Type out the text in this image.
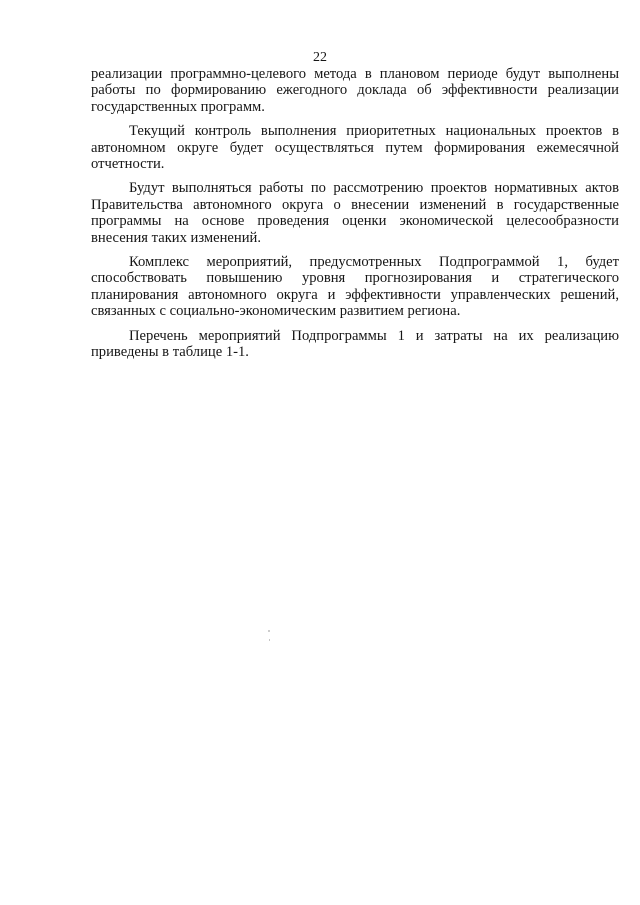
22

реализации программно-целевого метода в плановом периоде будут выполнены работы по формированию ежегодного доклада об эффективности реализации государственных программ.

Текущий контроль выполнения приоритетных национальных проектов в автономном округе будет осуществляться путем формирования ежемесячной отчетности.

Будут выполняться работы по рассмотрению проектов нормативных актов Правительства автономного округа о внесении изменений в государственные программы на основе проведения оценки экономической целесообразности внесения таких изменений.

Комплекс мероприятий, предусмотренных Подпрограммой 1, будет способствовать повышению уровня прогнозирования и стратегического планирования автономного округа и эффективности управленческих решений, связанных с социально-экономическим развитием региона.

Перечень мероприятий Подпрограммы 1 и затраты на их реализацию приведены в таблице 1-1.
